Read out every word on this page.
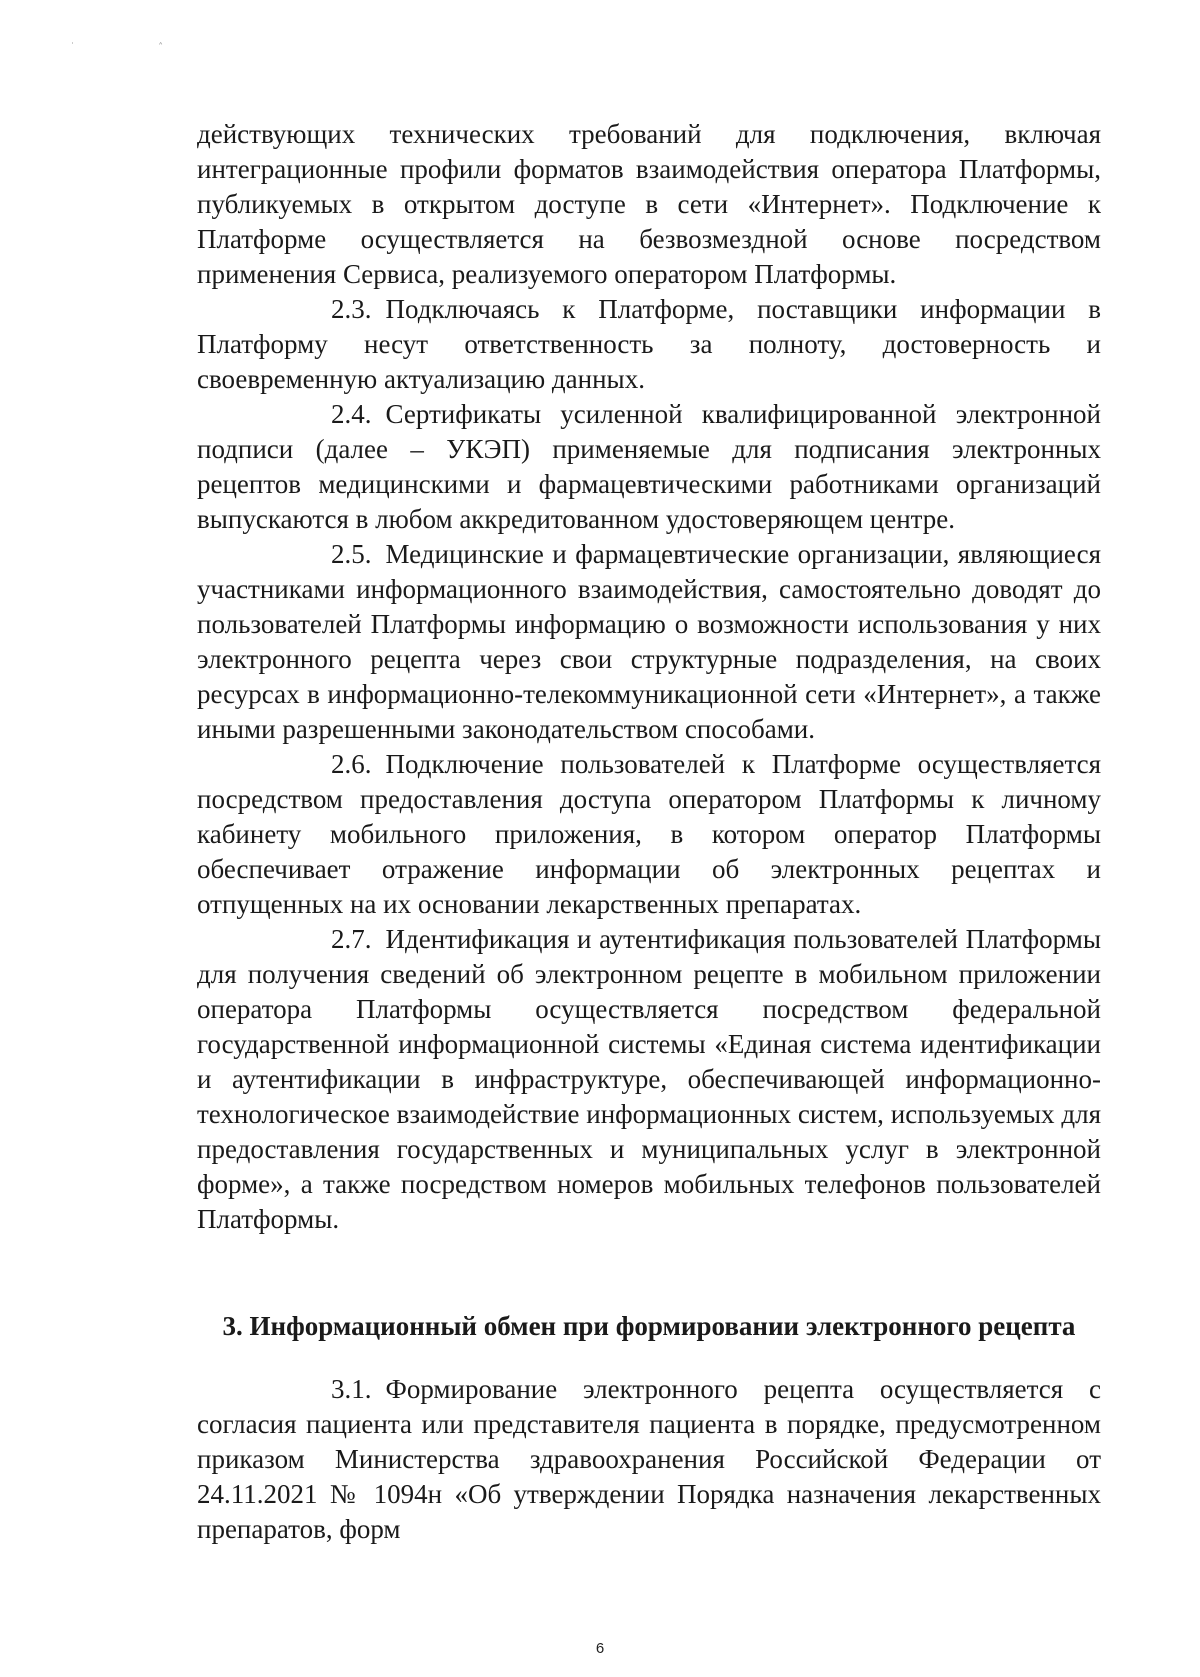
˙ ˄

действующих технических требований для подключения, включая интеграционные профили форматов взаимодействия оператора Платформы, публикуемых в открытом доступе в сети «Интернет». Подключение к Платформе осуществляется на безвозмездной основе посредством применения Сервиса, реализуемого оператором Платформы.

2.3. Подключаясь к Платформе, поставщики информации в Платформу несут ответственность за полноту, достоверность и своевременную актуализацию данных.

2.4. Сертификаты усиленной квалифицированной электронной подписи (далее – УКЭП) применяемые для подписания электронных рецептов медицинскими и фармацевтическими работниками организаций выпускаются в любом аккредитованном удостоверяющем центре.

2.5. Медицинские и фармацевтические организации, являющиеся участниками информационного взаимодействия, самостоятельно доводят до пользователей Платформы информацию о возможности использования у них электронного рецепта через свои структурные подразделения, на своих ресурсах в информационно-телекоммуникационной сети «Интернет», а также иными разрешенными законодательством способами.

2.6. Подключение пользователей к Платформе осуществляется посредством предоставления доступа оператором Платформы к личному кабинету мобильного приложения, в котором оператор Платформы обеспечивает отражение информации об электронных рецептах и отпущенных на их основании лекарственных препаратах.

2.7. Идентификация и аутентификация пользователей Платформы для получения сведений об электронном рецепте в мобильном приложении оператора Платформы осуществляется посредством федеральной государственной информационной системы «Единая система идентификации и аутентификации в инфраструктуре, обеспечивающей информационно-технологическое взаимодействие информационных систем, используемых для предоставления государственных и муниципальных услуг в электронной форме», а также посредством номеров мобильных телефонов пользователей Платформы.

3. Информационный обмен при формировании электронного рецепта

3.1. Формирование электронного рецепта осуществляется с согласия пациента или представителя пациента в порядке, предусмотренном приказом Министерства здравоохранения Российской Федерации от 24.11.2021 № 1094н «Об утверждении Порядка назначения лекарственных препаратов, форм

6
